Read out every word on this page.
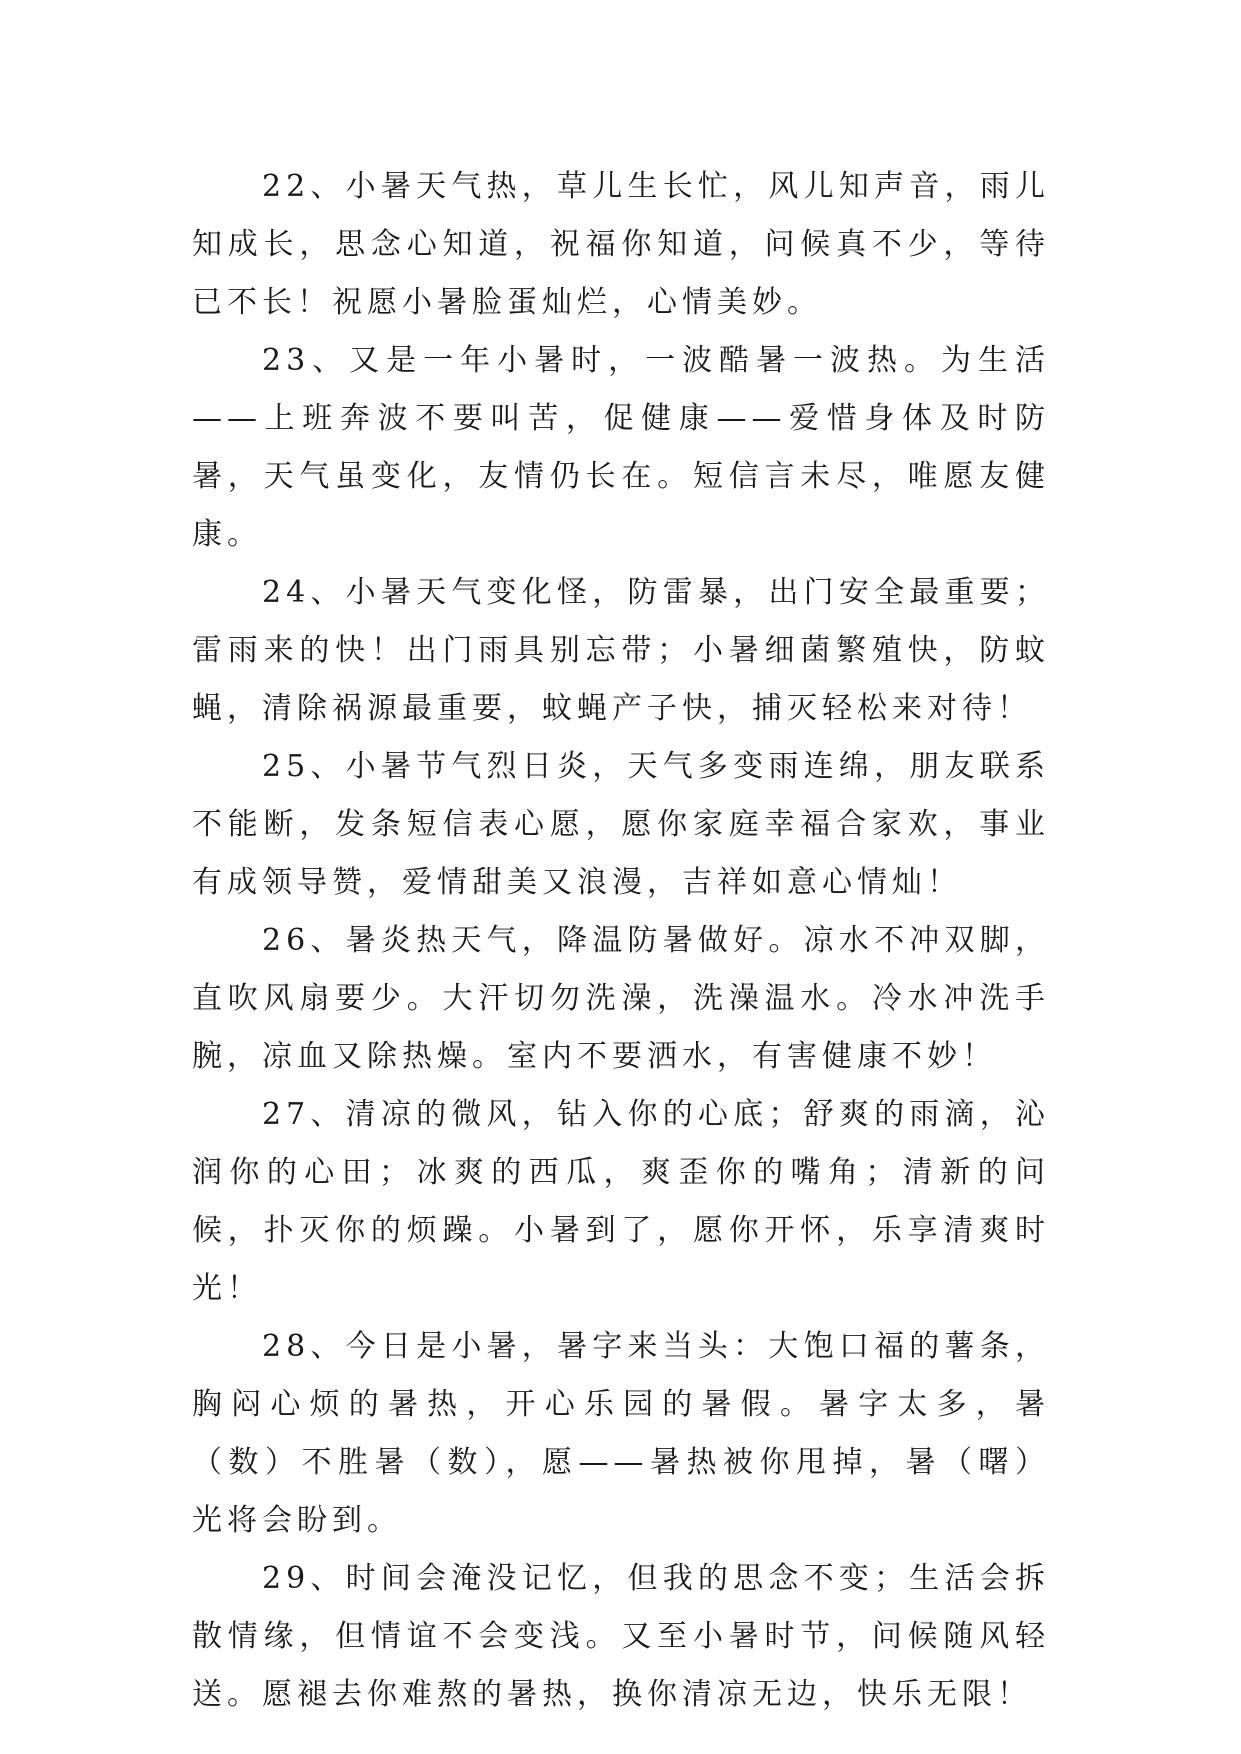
22、小暑天气热，草儿生长忙，风儿知声音，雨儿知成长，思念心知道，祝福你知道，问候真不少，等待已不长！祝愿小暑脸蛋灿烂，心情美妙。

23、又是一年小暑时，一波酷暑一波热。为生活——上班奔波不要叫苦，促健康——爱惜身体及时防暑，天气虽变化，友情仍长在。短信言未尽，唯愿友健康。

24、小暑天气变化怪，防雷暴，出门安全最重要；雷雨来的快！出门雨具别忘带；小暑细菌繁殖快，防蚊蝇，清除祸源最重要，蚊蝇产子快，捕灭轻松来对待！

25、小暑节气烈日炎，天气多变雨连绵，朋友联系不能断，发条短信表心愿，愿你家庭幸福合家欢，事业有成领导赞，爱情甜美又浪漫，吉祥如意心情灿！

26、暑炎热天气，降温防暑做好。凉水不冲双脚，直吹风扇要少。大汗切勿洗澡，洗澡温水。冷水冲洗手腕，凉血又除热燥。室内不要洒水，有害健康不妙！

27、清凉的微风，钻入你的心底；舒爽的雨滴，沁润你的心田；冰爽的西瓜，爽歪你的嘴角；清新的问候，扑灭你的烦躁。小暑到了，愿你开怀，乐享清爽时光！

28、今日是小暑，暑字来当头：大饱口福的薯条，胸闷心烦的暑热，开心乐园的暑假。暑字太多，暑（数）不胜暑（数），愿——暑热被你甩掉，暑（曙）光将会盼到。

29、时间会淹没记忆，但我的思念不变；生活会拆散情缘，但情谊不会变浅。又至小暑时节，问候随风轻送。愿褪去你难熬的暑热，换你清凉无边，快乐无限！
